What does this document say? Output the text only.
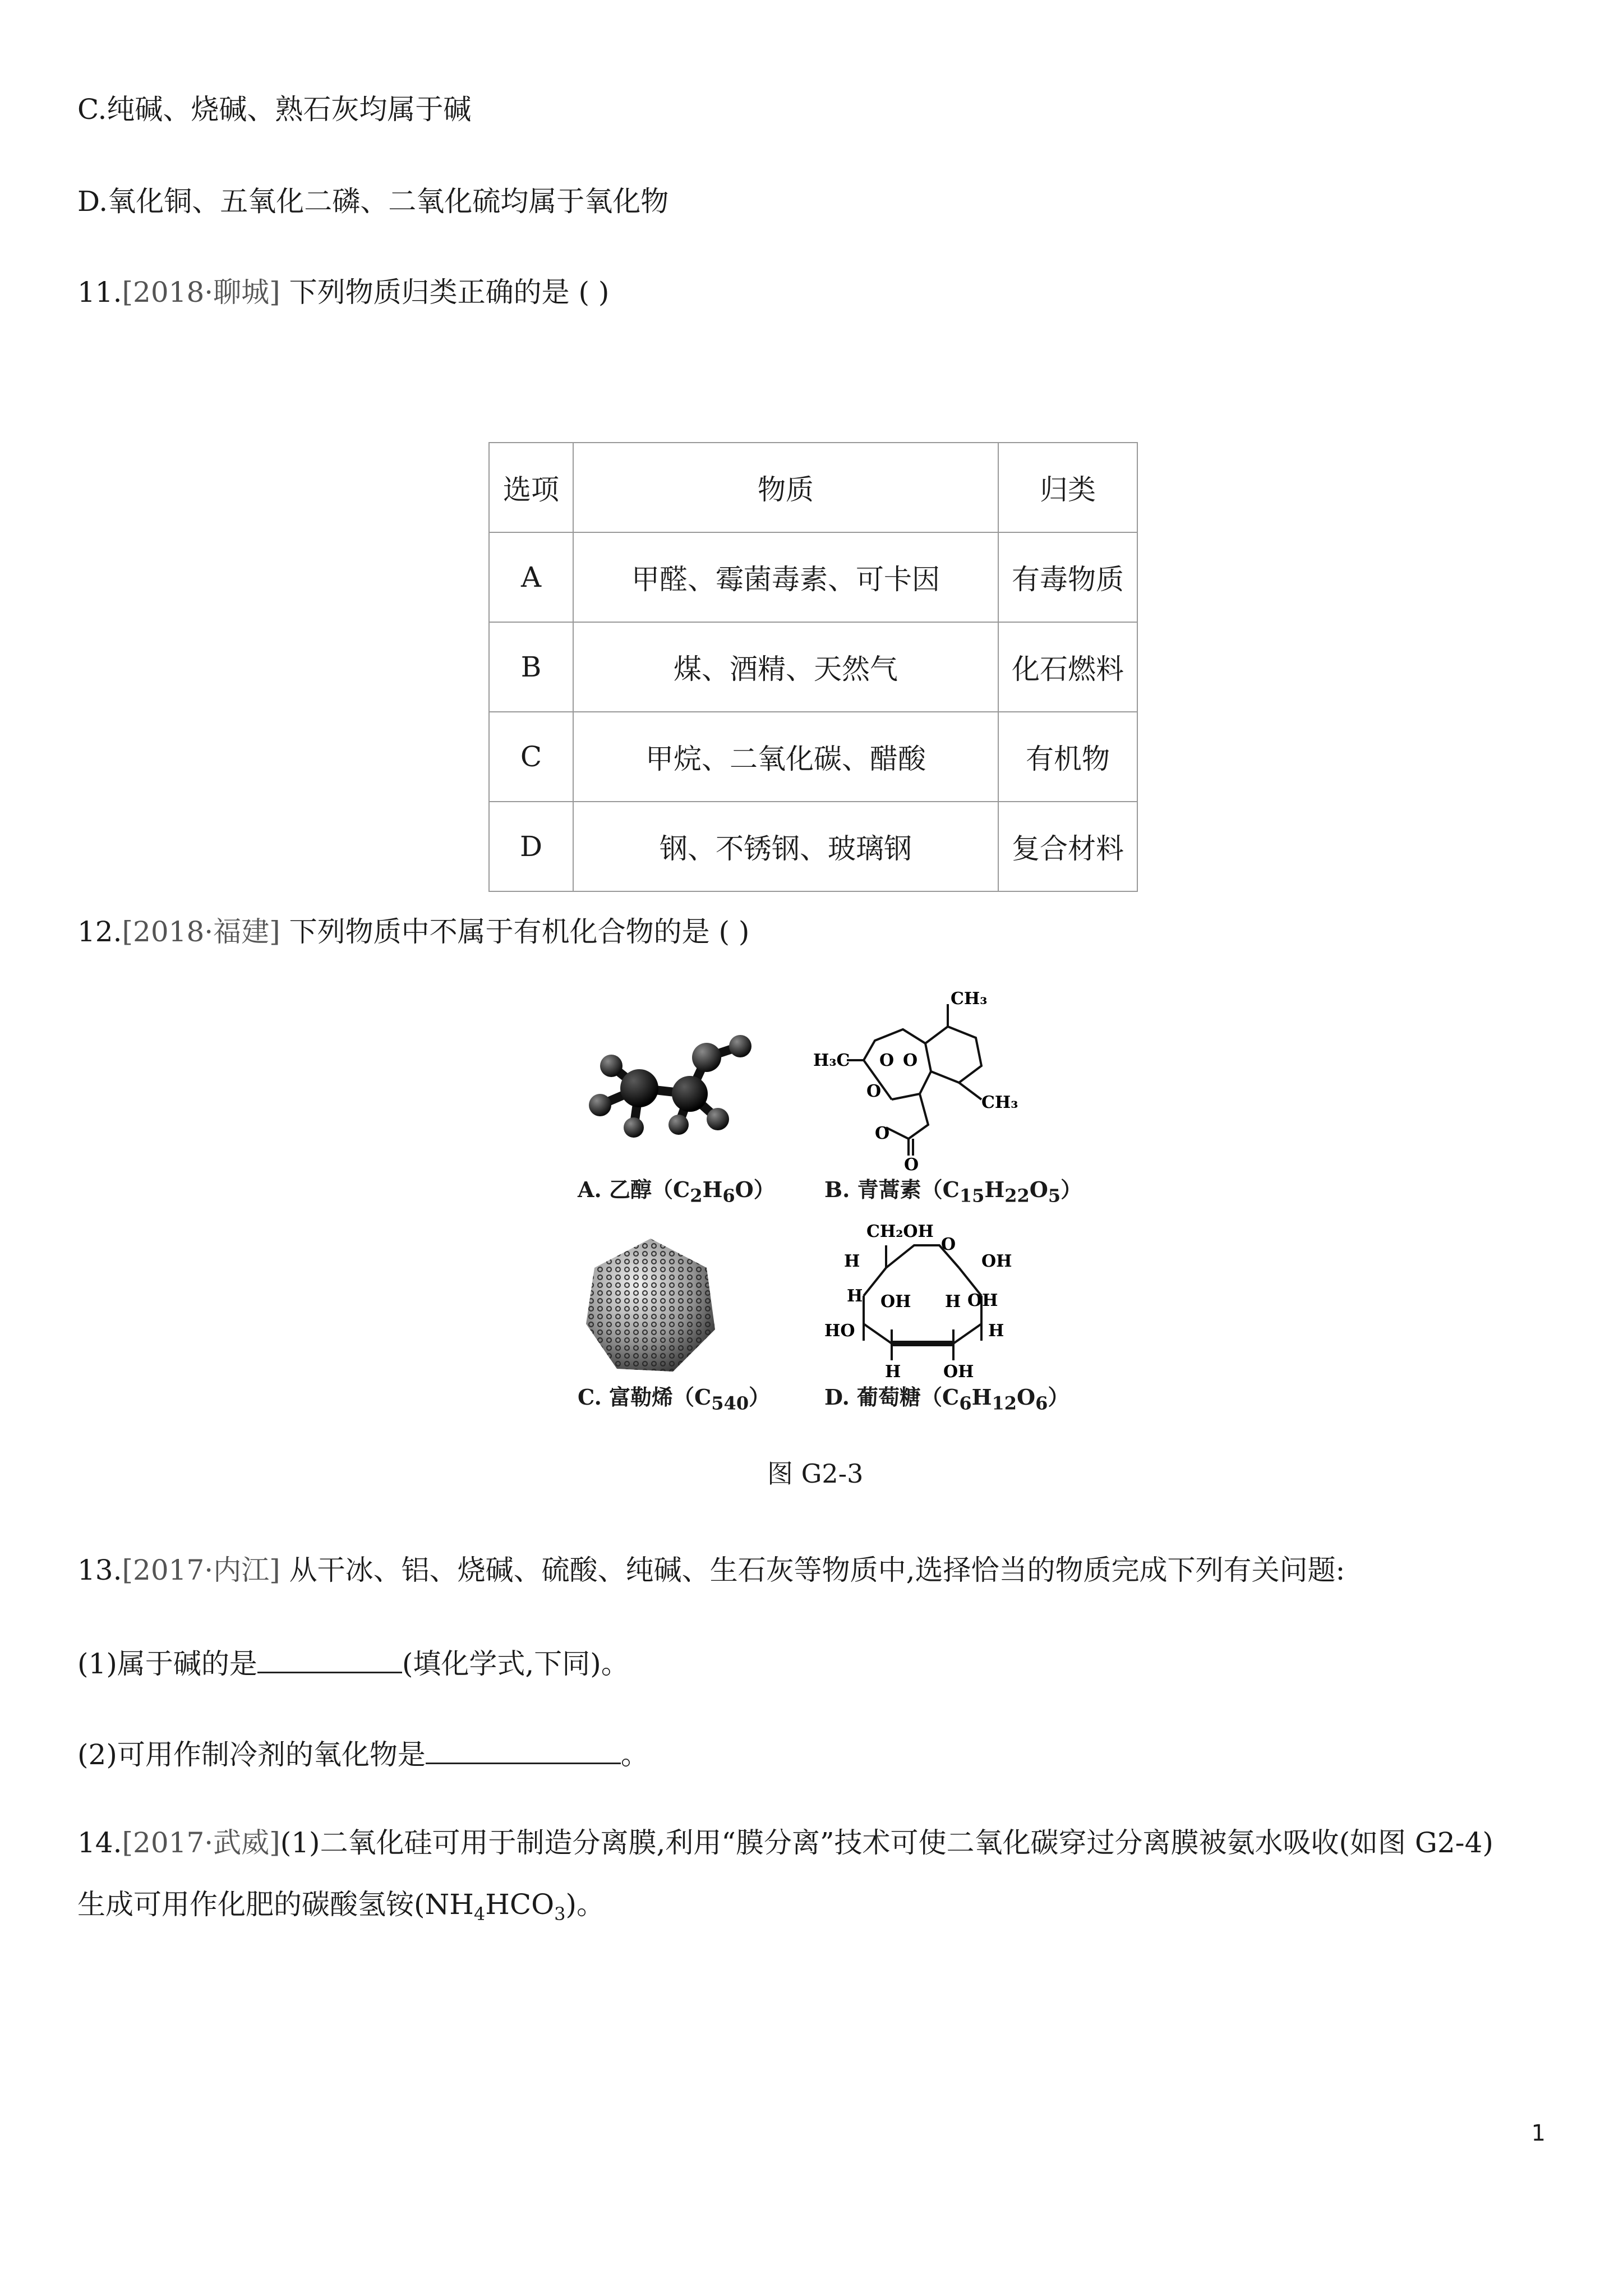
C.纯碱、烧碱、熟石灰均属于碱
D.氧化铜、五氧化二磷、二氧化硫均属于氧化物
11.[2018·聊城] 下列物质归类正确的是 ( )
选项	物质	归类
A	甲醛、霉菌毒素、可卡因	有毒物质
B	煤、酒精、天然气	化石燃料
C	甲烷、二氧化碳、醋酸	有机物
D	钢、不锈钢、玻璃钢	复合材料
12.[2018·福建] 下列物质中不属于有机化合物的是 ( )
CH₃
H₃C O O
O
O
CH₃
O
A. 乙醇$(C_2H_6O)$ B. 青蒿素$(C_{15}H_{22}O_5)$
CH₂OH
O
OH
H
OH
H	H OH
HO	H
H	OH
C. 富勒烯$(C_{540})$	D. 葡萄糖$(C_6H_{12}O_6)$
图 G2-3
13.[2017·内江] 从干冰、铝、烧碱、硫酸、纯碱、生石灰等物质中,选择恰当的物质完成下列有关问题:
(1)属于碱的是	(填化学式,下同)。
(2)可用作制冷剂的氧化物是	。
14.[2017·武威](1)二氧化硅可用于制造分离膜,利用“膜分离”技术可使二氧化碳穿过分离膜被氨水吸收(如图 G2-4)
生成可用作化肥的碳酸氢铵$(NH_4HCO_3)$。
1
